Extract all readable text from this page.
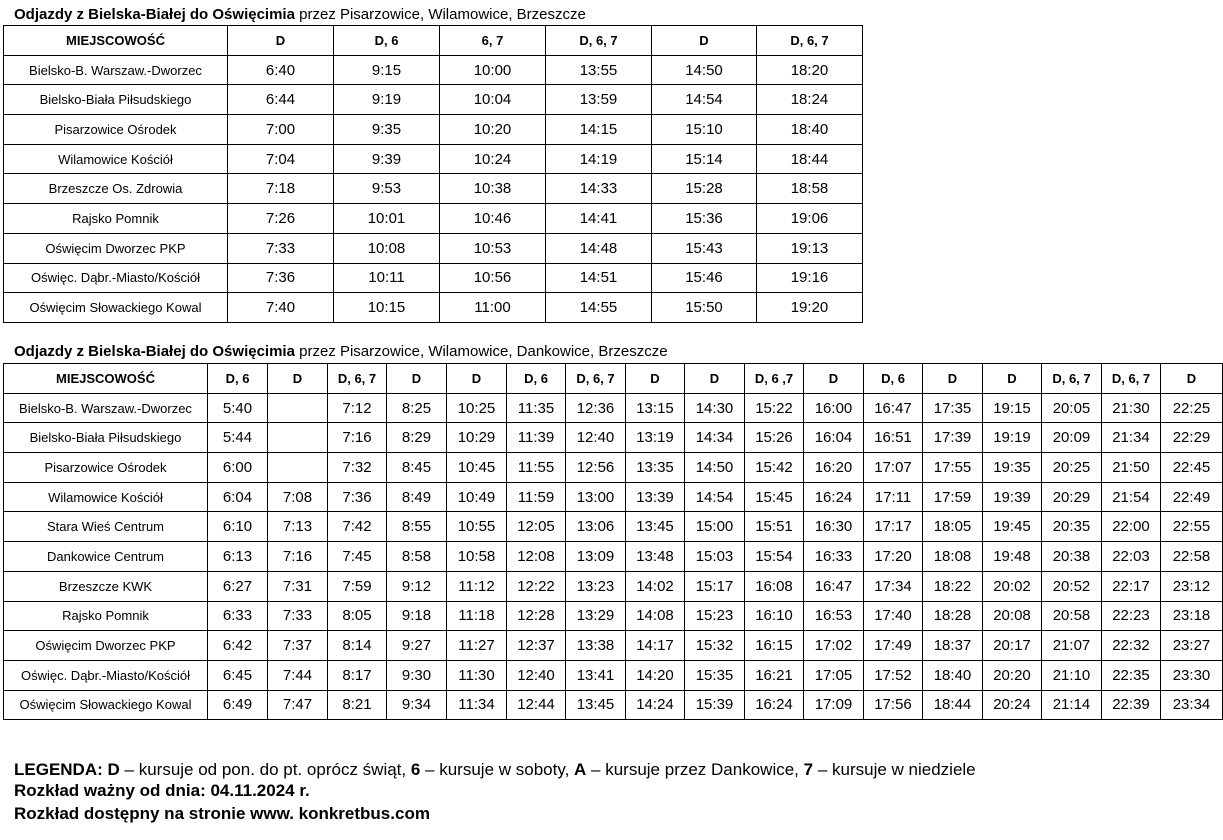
Odjazdy z Bielska-Białej do Oświęcimia przez Pisarzowice, Wilamowice, Brzeszcze
MIEJSCOWOŚĆ	D	D, 6	6, 7	D, 6, 7	D	D, 6, 7
Bielsko-B. Warszaw.-Dworzec	6:40	9:15	10:00	13:55	14:50	18:20
Bielsko-Biała Piłsudskiego	6:44	9:19	10:04	13:59	14:54	18:24
Pisarzowice Ośrodek	7:00	9:35	10:20	14:15	15:10	18:40
Wilamowice Kościół	7:04	9:39	10:24	14:19	15:14	18:44
Brzeszcze Os. Zdrowia	7:18	9:53	10:38	14:33	15:28	18:58
Rajsko Pomnik	7:26	10:01	10:46	14:41	15:36	19:06
Oświęcim Dworzec PKP	7:33	10:08	10:53	14:48	15:43	19:13
Oświęc. Dąbr.-Miasto/Kościół	7:36	10:11	10:56	14:51	15:46	19:16
Oświęcim Słowackiego Kowal	7:40	10:15	11:00	14:55	15:50	19:20
Odjazdy z Bielska-Białej do Oświęcimia przez Pisarzowice, Wilamowice, Dankowice, Brzeszcze
MIEJSCOWOŚĆ	D, 6	D	D, 6, 7	D	D	D, 6	D, 6, 7	D	D	D, 6 ,7	D	D, 6	D	D	D, 6, 7	D, 6, 7	D
Bielsko-B. Warszaw.-Dworzec	5:40		7:12	8:25	10:25	11:35	12:36	13:15	14:30	15:22	16:00	16:47	17:35	19:15	20:05	21:30	22:25
Bielsko-Biała Piłsudskiego	5:44		7:16	8:29	10:29	11:39	12:40	13:19	14:34	15:26	16:04	16:51	17:39	19:19	20:09	21:34	22:29
Pisarzowice Ośrodek	6:00		7:32	8:45	10:45	11:55	12:56	13:35	14:50	15:42	16:20	17:07	17:55	19:35	20:25	21:50	22:45
Wilamowice Kościół	6:04	7:08	7:36	8:49	10:49	11:59	13:00	13:39	14:54	15:45	16:24	17:11	17:59	19:39	20:29	21:54	22:49
Stara Wieś Centrum	6:10	7:13	7:42	8:55	10:55	12:05	13:06	13:45	15:00	15:51	16:30	17:17	18:05	19:45	20:35	22:00	22:55
Dankowice Centrum	6:13	7:16	7:45	8:58	10:58	12:08	13:09	13:48	15:03	15:54	16:33	17:20	18:08	19:48	20:38	22:03	22:58
Brzeszcze KWK	6:27	7:31	7:59	9:12	11:12	12:22	13:23	14:02	15:17	16:08	16:47	17:34	18:22	20:02	20:52	22:17	23:12
Rajsko Pomnik	6:33	7:33	8:05	9:18	11:18	12:28	13:29	14:08	15:23	16:10	16:53	17:40	18:28	20:08	20:58	22:23	23:18
Oświęcim Dworzec PKP	6:42	7:37	8:14	9:27	11:27	12:37	13:38	14:17	15:32	16:15	17:02	17:49	18:37	20:17	21:07	22:32	23:27
Oświęc. Dąbr.-Miasto/Kościół	6:45	7:44	8:17	9:30	11:30	12:40	13:41	14:20	15:35	16:21	17:05	17:52	18:40	20:20	21:10	22:35	23:30
Oświęcim Słowackiego Kowal	6:49	7:47	8:21	9:34	11:34	12:44	13:45	14:24	15:39	16:24	17:09	17:56	18:44	20:24	21:14	22:39	23:34
LEGENDA: D – kursuje od pon. do pt. oprócz świąt, 6 – kursuje w soboty, A – kursuje przez Dankowice, 7 – kursuje w niedziele
Rozkład ważny od dnia: 04.11.2024 r.
Rozkład dostępny na stronie www. konkretbus.com
